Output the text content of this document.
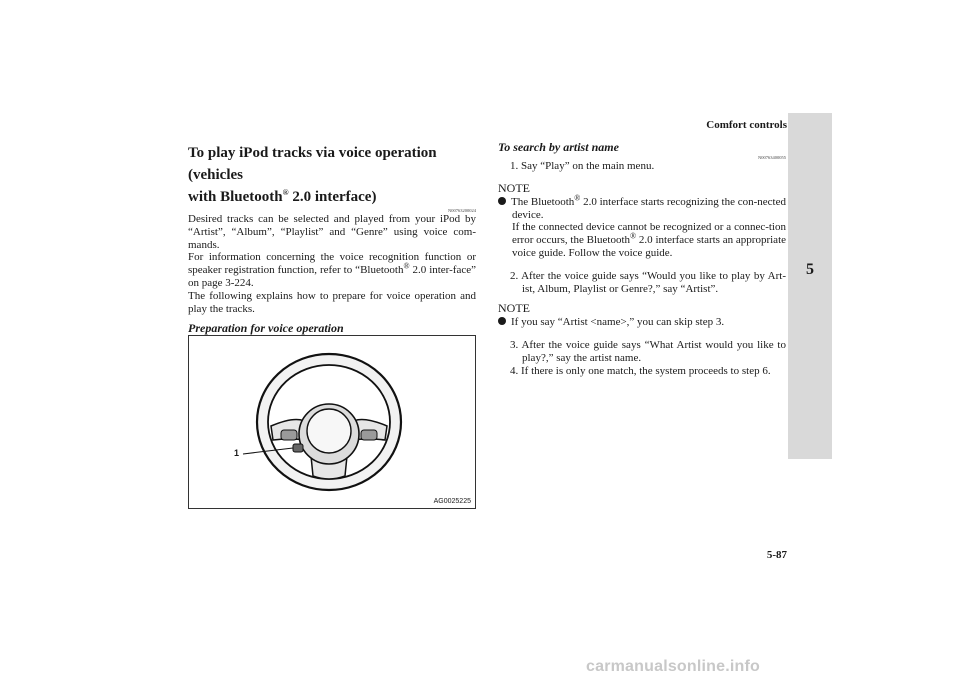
Comfort controls
5-87
5
To play iPod tracks via voice operation (vehicles
with Bluetooth® 2.0 interface)
N00763200024
Desired tracks can be selected and played from your iPod by “Artist”, “Album”, “Playlist” and “Genre” using voice com-mands.
For information concerning the voice recognition function or speaker registration function, refer to “Bluetooth® 2.0 inter-face” on page 3-224.
The following explains how to prepare for voice operation and play the tracks.
Preparation for voice operation
1
AG0025225
To search by artist name
N00763400055
1. Say “Play” on the main menu.
NOTE
The Bluetooth® 2.0 interface starts recognizing the con-nected device.
If the connected device cannot be recognized or a connec-tion error occurs, the Bluetooth® 2.0 interface starts an appropriate voice guide. Follow the voice guide.
2. After the voice guide says “Would you like to play by Art-ist, Album, Playlist or Genre?,” say “Artist”.
NOTE
If you say “Artist <name>,” you can skip step 3.
3. After the voice guide says “What Artist would you like to play?,” say the artist name.
4. If there is only one match, the system proceeds to step 6.
carmanualsonline.info
